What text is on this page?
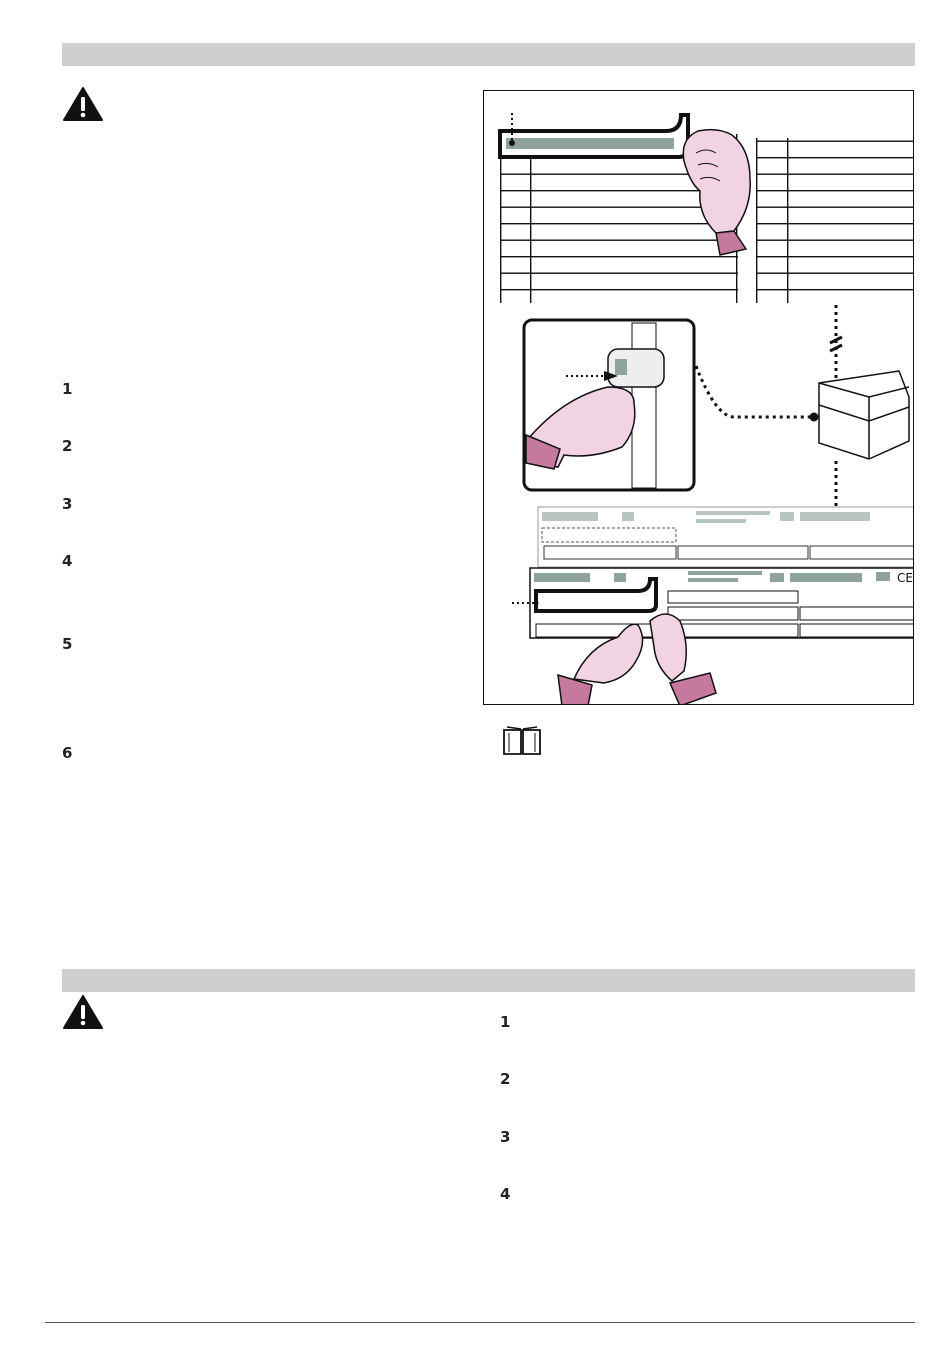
1
2
3
4
5
6
CE
1
2
3
4
